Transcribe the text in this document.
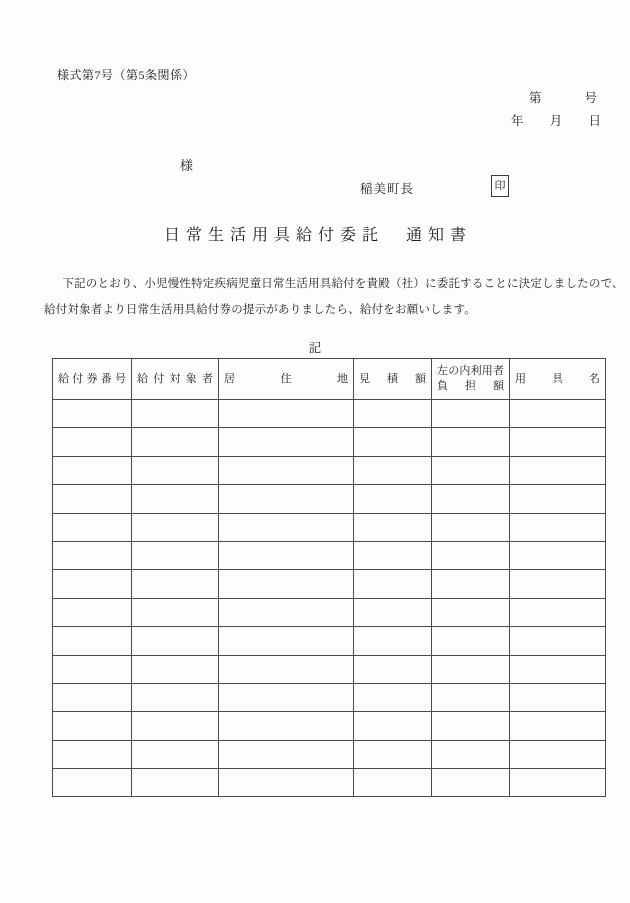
様式第7号（第5条関係）
第	号
年 月 日
様
稲美町長	印
日常生活用具給付委託　通知書
下記のとおり、小児慢性特定疾病児童日常生活用具給付を貴殿（社）に委託することに決定しましたので、
給付対象者より日常生活用具給付券の提示がありましたら、給付をお願いします。
記
給付券番号	給付対象者	居住地	見積額	左の内利用者負担額	用具名
